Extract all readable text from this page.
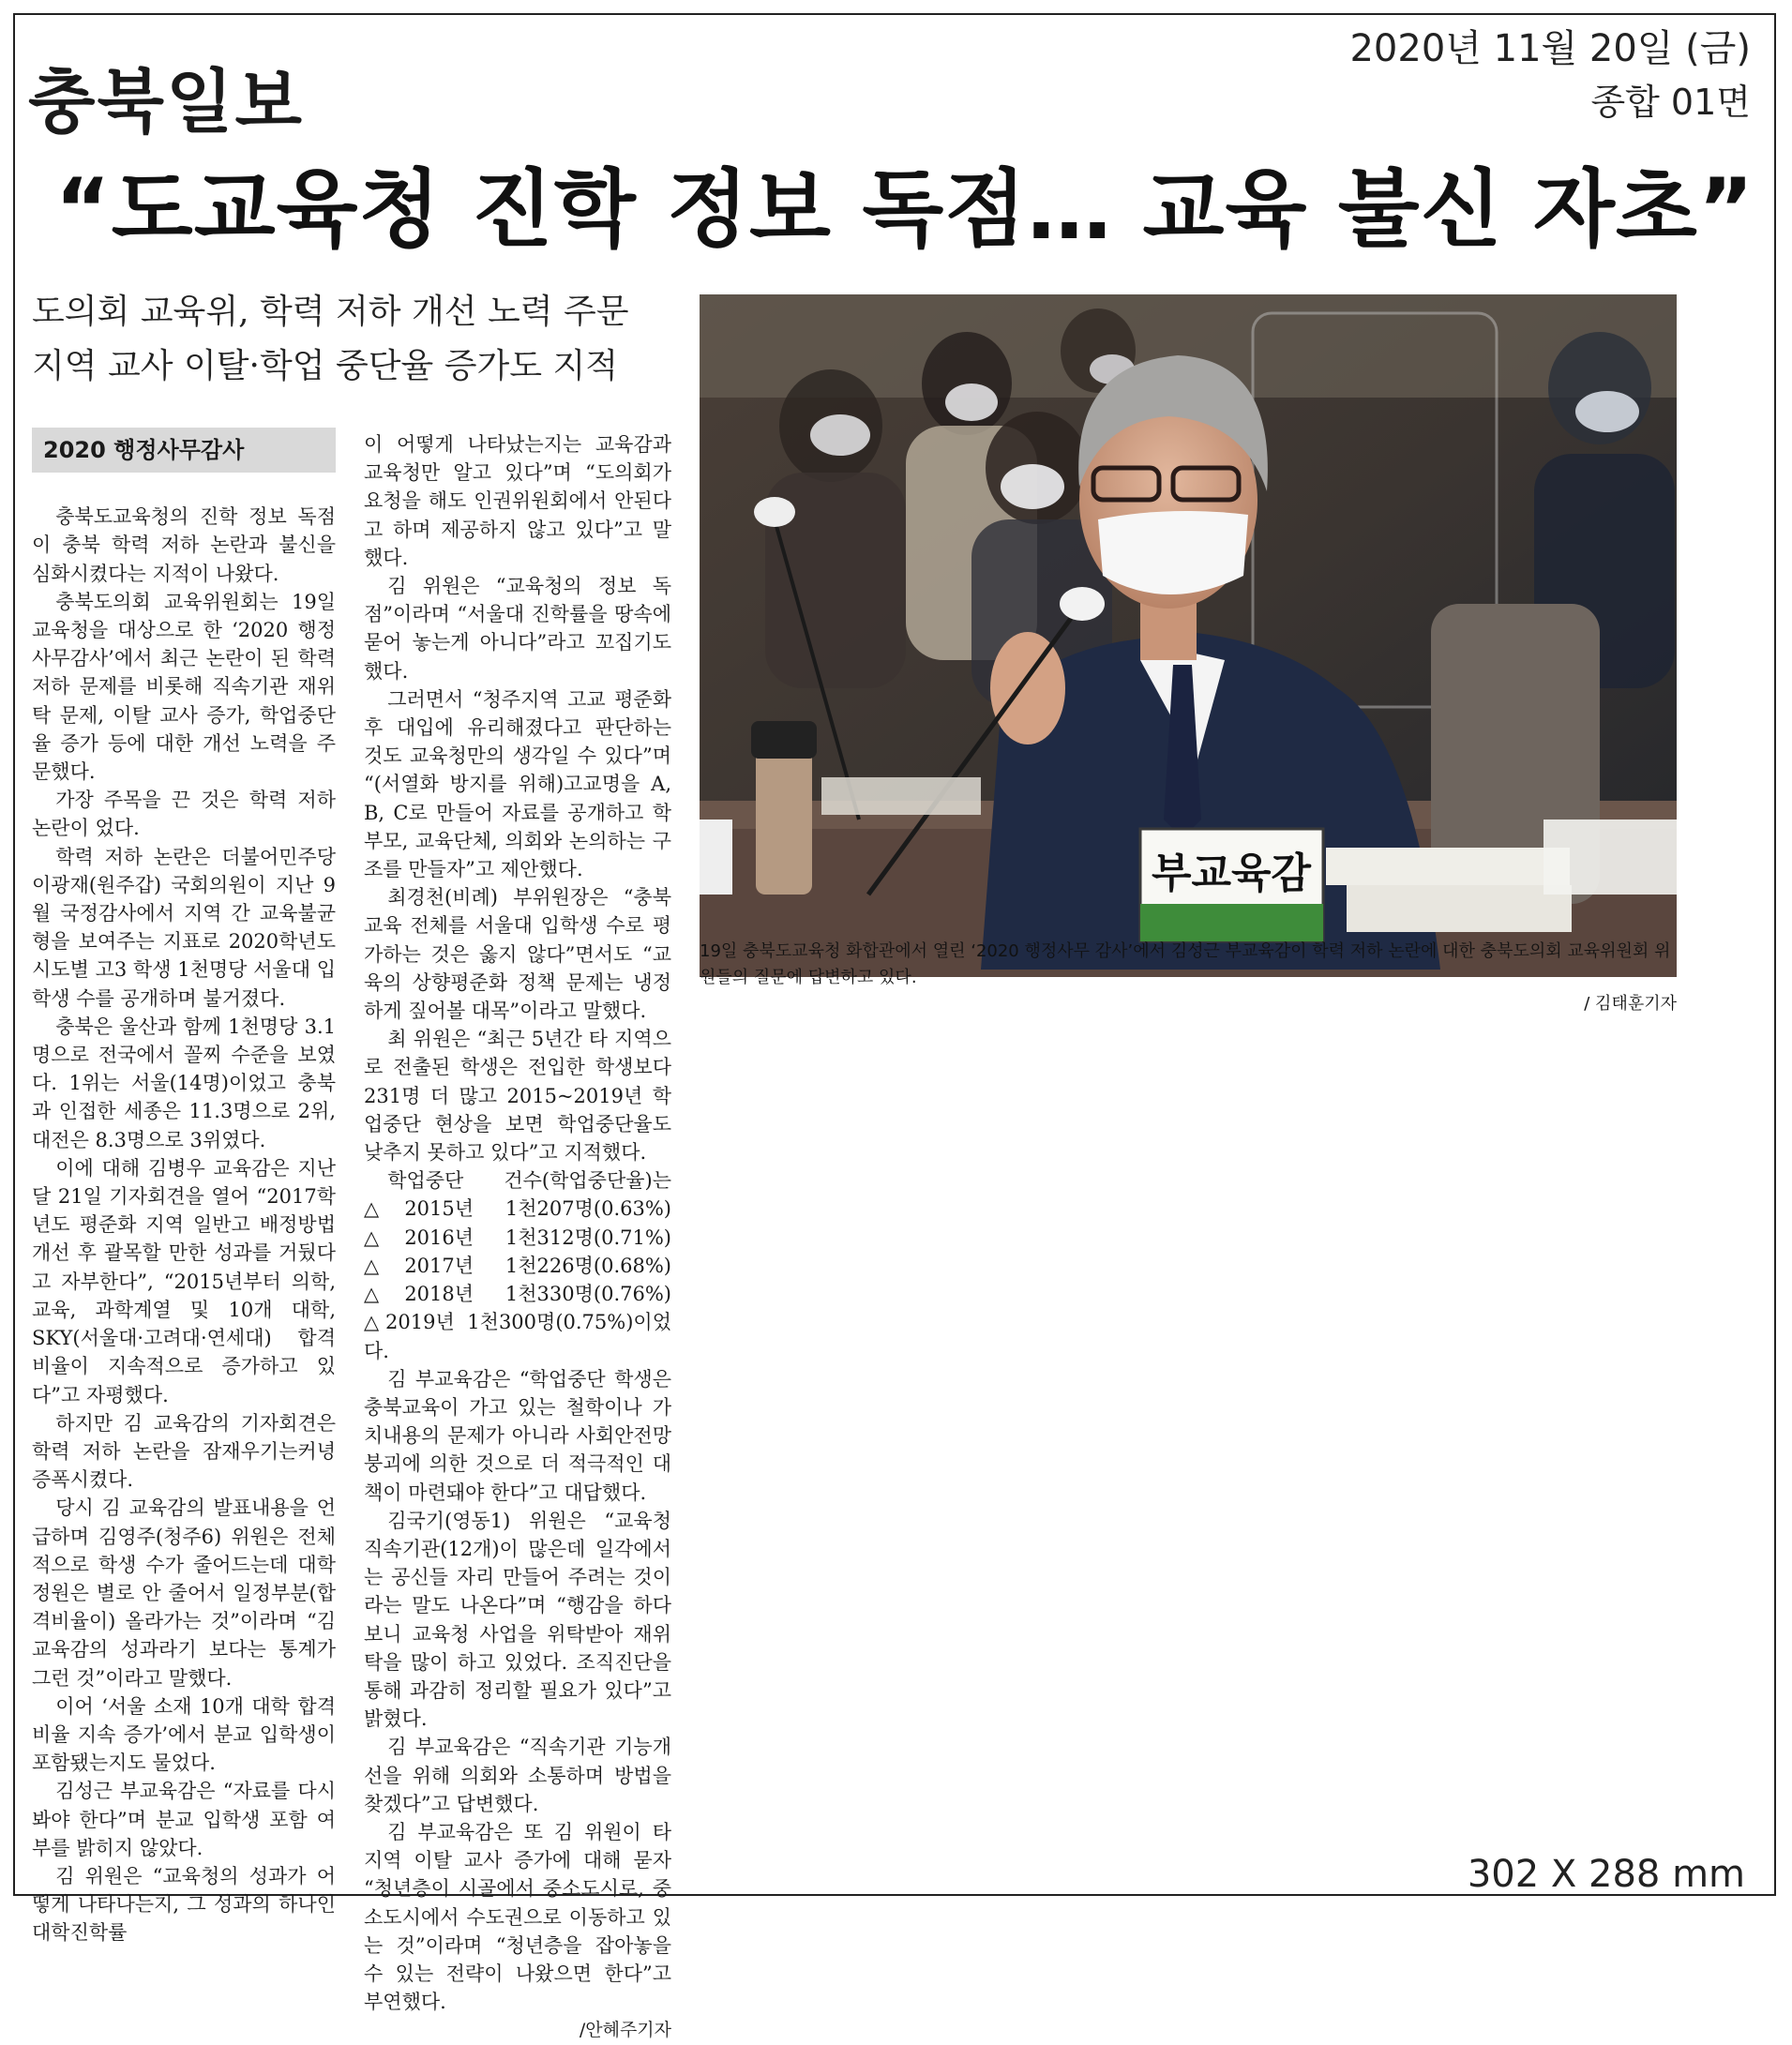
충북일보
2020년 11월 20일 (금)
종합 01면
“도교육청 진학 정보 독점… 교육 불신 자초”
도의회 교육위, 학력 저하 개선 노력 주문
지역 교사 이탈·학업 중단율 증가도 지적
2020 행정사무감사

충북도교육청의 진학 정보 독점이 충북 학력 저하 논란과 불신을 심화시켰다는 지적이 나왔다.

충북도의회 교육위원회는 19일 교육청을 대상으로 한 ‘2020 행정사무감사’에서 최근 논란이 된 학력 저하 문제를 비롯해 직속기관 재위탁 문제, 이탈 교사 증가, 학업중단율 증가 등에 대한 개선 노력을 주문했다.

가장 주목을 끈 것은 학력 저하 논란이 었다.

학력 저하 논란은 더불어민주당 이광재(원주갑) 국회의원이 지난 9월 국정감사에서 지역 간 교육불균형을 보여주는 지표로 2020학년도 시도별 고3 학생 1천명당 서울대 입학생 수를 공개하며 불거졌다.

충북은 울산과 함께 1천명당 3.1명으로 전국에서 꼴찌 수준을 보였다. 1위는 서울(14명)이었고 충북과 인접한 세종은 11.3명으로 2위, 대전은 8.3명으로 3위였다.

이에 대해 김병우 교육감은 지난달 21일 기자회견을 열어 “2017학년도 평준화 지역 일반고 배정방법 개선 후 괄목할 만한 성과를 거뒀다고 자부한다”, “2015년부터 의학, 교육, 과학계열 및 10개 대학, SKY(서울대·고려대·연세대) 합격 비율이 지속적으로 증가하고 있다”고 자평했다.

하지만 김 교육감의 기자회견은 학력 저하 논란을 잠재우기는커녕 증폭시켰다.

당시 김 교육감의 발표내용을 언급하며 김영주(청주6) 위원은 전체적으로 학생 수가 줄어드는데 대학 정원은 별로 안 줄어서 일정부분(합격비율이) 올라가는 것”이라며 “김 교육감의 성과라기 보다는 통계가 그런 것”이라고 말했다.

이어 ‘서울 소재 10개 대학 합격 비율 지속 증가’에서 분교 입학생이 포함됐는지도 물었다.

김성근 부교육감은 “자료를 다시 봐야 한다”며 분교 입학생 포함 여부를 밝히지 않았다.

김 위원은 “교육청의 성과가 어떻게 나타나는지, 그 성과의 하나인 대학진학률

이 어떻게 나타났는지는 교육감과 교육청만 알고 있다”며 “도의회가 요청을 해도 인권위원회에서 안된다고 하며 제공하지 않고 있다”고 말했다.

김 위원은 “교육청의 정보 독점”이라며 “서울대 진학률을 땅속에 묻어 놓는게 아니다”라고 꼬집기도 했다.

그러면서 “청주지역 고교 평준화 후 대입에 유리해졌다고 판단하는 것도 교육청만의 생각일 수 있다”며 “(서열화 방지를 위해)고교명을 A, B, C로 만들어 자료를 공개하고 학부모, 교육단체, 의회와 논의하는 구조를 만들자”고 제안했다.

최경천(비례) 부위원장은 “충북 교육 전체를 서울대 입학생 수로 평가하는 것은 옳지 않다”면서도 “교육의 상향평준화 정책 문제는 냉정하게 짚어볼 대목”이라고 말했다.

최 위원은 “최근 5년간 타 지역으로 전출된 학생은 전입한 학생보다 231명 더 많고 2015~2019년 학업중단 현상을 보면 학업중단율도 낮추지 못하고 있다”고 지적했다.

학업중단 건수(학업중단율)는 △2015년 1천207명(0.63%) △2016년 1천312명(0.71%) △2017년 1천226명(0.68%) △2018년 1천330명(0.76%) △2019년 1천300명(0.75%)이었다.

김 부교육감은 “학업중단 학생은 충북교육이 가고 있는 철학이나 가치내용의 문제가 아니라 사회안전망 붕괴에 의한 것으로 더 적극적인 대책이 마련돼야 한다”고 대답했다.

김국기(영동1) 위원은 “교육청 직속기관(12개)이 많은데 일각에서는 공신들 자리 만들어 주려는 것이라는 말도 나온다”며 “행감을 하다 보니 교육청 사업을 위탁받아 재위탁을 많이 하고 있었다. 조직진단을 통해 과감히 정리할 필요가 있다”고 밝혔다.

김 부교육감은 “직속기관 기능개선을 위해 의회와 소통하며 방법을 찾겠다”고 답변했다.

김 부교육감은 또 김 위원이 타 지역 이탈 교사 증가에 대해 묻자 “청년층이 시골에서 중소도시로, 중소도시에서 수도권으로 이동하고 있는 것”이라며 “청년층을 잡아놓을 수 있는 전략이 나왔으면 한다”고 부연했다.

/안혜주기자
부교육감
19일 충북도교육청 화합관에서 열린 ‘2020 행정사무 감사’에서 김성근 부교육감이 학력 저하 논란에 대한 충북도의회 교육위원회 위원들의 질문에 답변하고 있다.
/ 김태훈기자
302 X 288 mm
